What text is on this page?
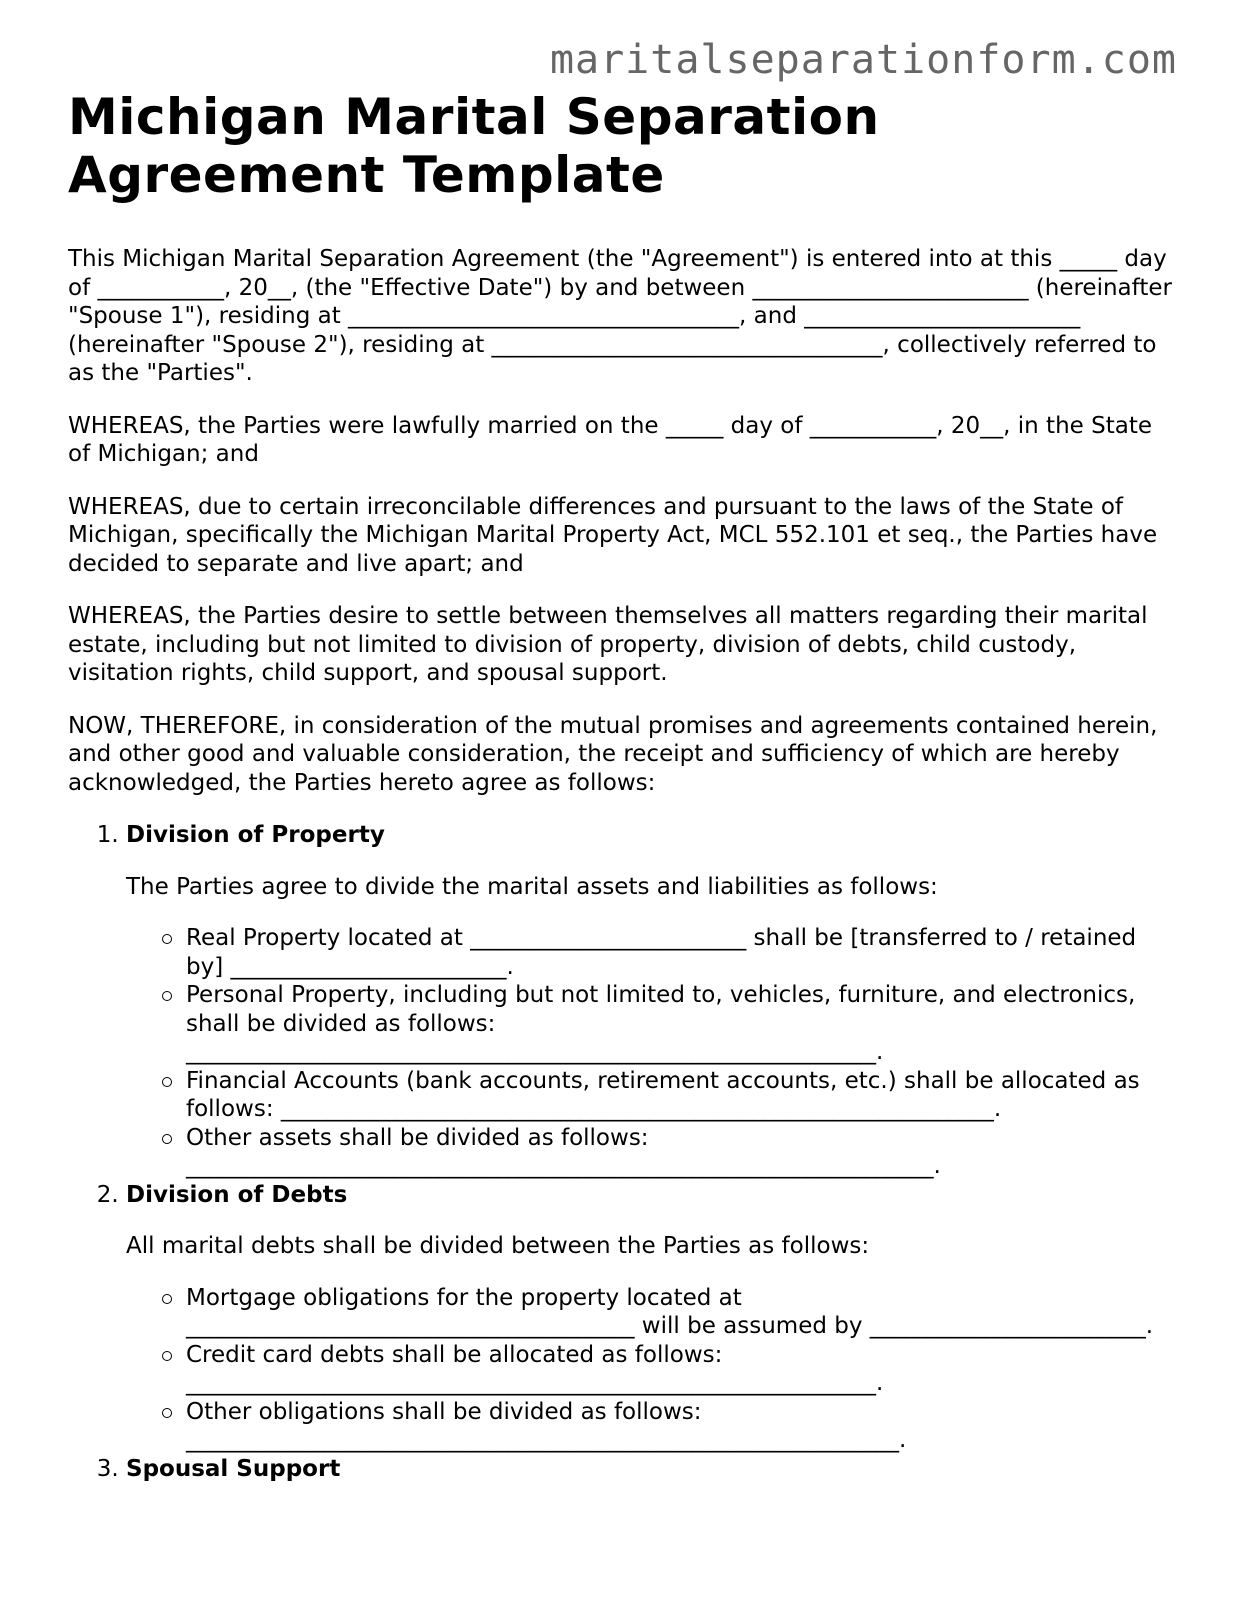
maritalseparationform.com
Michigan Marital Separation Agreement Template

This Michigan Marital Separation Agreement (the "Agreement") is entered into at this _____ day of ___________, 20__, (the "Effective Date") by and between ________________________ (hereinafter "Spouse 1"), residing at __________________________________, and ________________________ (hereinafter "Spouse 2"), residing at __________________________________, collectively referred to as the "Parties".

WHEREAS, the Parties were lawfully married on the _____ day of ___________, 20__, in the State of Michigan; and

WHEREAS, due to certain irreconcilable differences and pursuant to the laws of the State of Michigan, specifically the Michigan Marital Property Act, MCL 552.101 et seq., the Parties have decided to separate and live apart; and

WHEREAS, the Parties desire to settle between themselves all matters regarding their marital estate, including but not limited to division of property, division of debts, child custody, visitation rights, child support, and spousal support.

NOW, THEREFORE, in consideration of the mutual promises and agreements contained herein, and other good and valuable consideration, the receipt and sufficiency of which are hereby acknowledged, the Parties hereto agree as follows:

1. Division of Property

The Parties agree to divide the marital assets and liabilities as follows:

Real Property located at ________________________ shall be [transferred to / retained by] ________________________.
Personal Property, including but not limited to, vehicles, furniture, and electronics, shall be divided as follows: ____________________________________________________________.
Financial Accounts (bank accounts, retirement accounts, etc.) shall be allocated as follows: ______________________________________________________________.
Other assets shall be divided as follows: _________________________________________________________________.
2. Division of Debts

All marital debts shall be divided between the Parties as follows:

Mortgage obligations for the property located at _______________________________________ will be assumed by ________________________.
Credit card debts shall be allocated as follows: ____________________________________________________________.
Other obligations shall be divided as follows: ______________________________________________________________.
3. Spousal Support
